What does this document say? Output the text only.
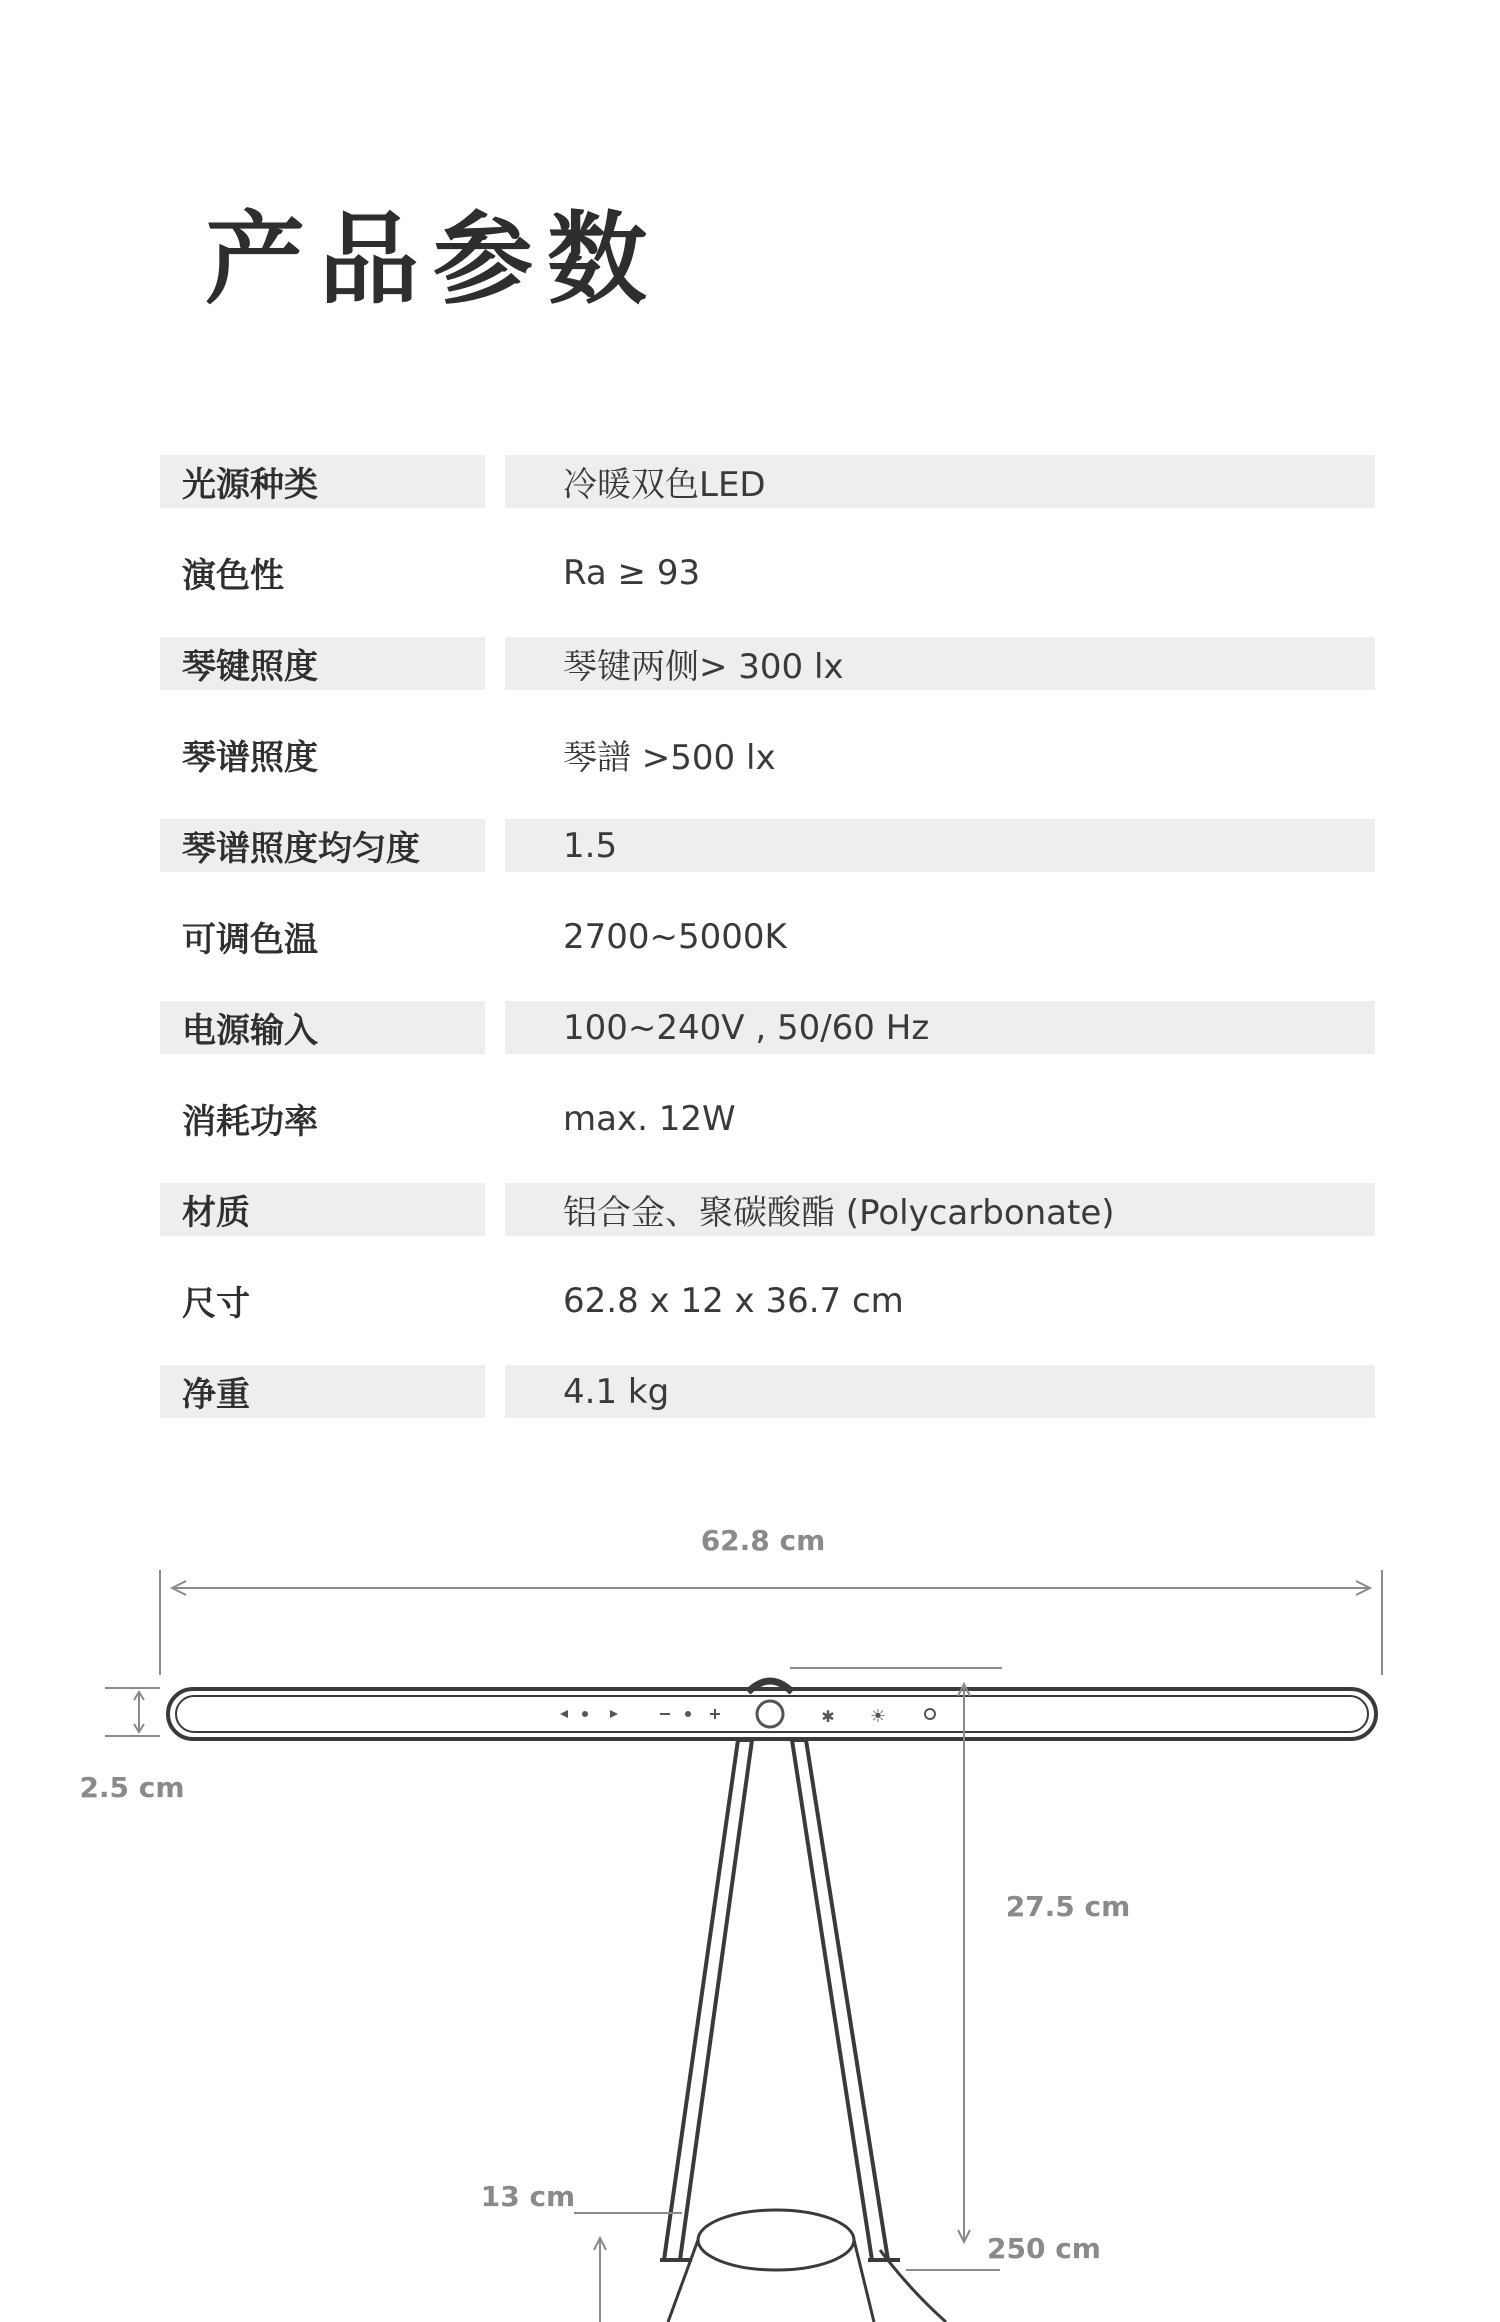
产品参数
光源种类	冷暖双色LED
演色性	Ra ≥ 93
琴键照度	琴键两侧> 300 lx
琴谱照度	琴譜 >500 lx
琴谱照度均匀度	1.5
可调色温	2700~5000K
电源输入	100~240V , 50/60 Hz
消耗功率	max. 12W
材质	铝合金、聚碳酸酯 (Polycarbonate)
尺寸	62.8 x 12 x 36.7 cm
净重	4.1 kg
62.8 cm
2.5 cm
✱ ☀
27.5 cm
13 cm
250 cm
